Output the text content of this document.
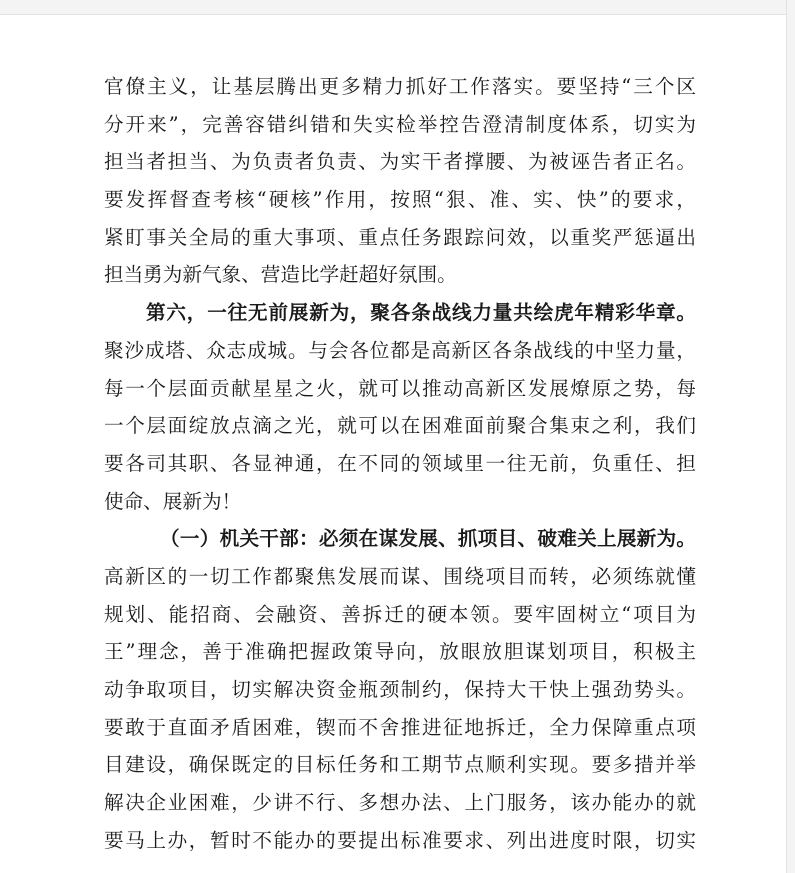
官僚主义，让基层腾出更多精力抓好工作落实。要坚持“三个区
分开来”，完善容错纠错和失实检举控告澄清制度体系，切实为
担当者担当、为负责者负责、为实干者撑腰、为被诬告者正名。
要发挥督查考核“硬核”作用，按照“狠、准、实、快”的要求，
紧盯事关全局的重大事项、重点任务跟踪问效，以重奖严惩逼出
担当勇为新气象、营造比学赶超好氛围。
第六，一往无前展新为，聚各条战线力量共绘虎年精彩华章。
聚沙成塔、众志成城。与会各位都是高新区各条战线的中坚力量，
每一个层面贡献星星之火，就可以推动高新区发展燎原之势，每
一个层面绽放点滴之光，就可以在困难面前聚合集束之利，我们
要各司其职、各显神通，在不同的领域里一往无前，负重任、担
使命、展新为！
（一）机关干部：必须在谋发展、抓项目、破难关上展新为。
高新区的一切工作都聚焦发展而谋、围绕项目而转，必须练就懂
规划、能招商、会融资、善拆迁的硬本领。要牢固树立“项目为
王”理念，善于准确把握政策导向，放眼放胆谋划项目，积极主
动争取项目，切实解决资金瓶颈制约，保持大干快上强劲势头。
要敢于直面矛盾困难，锲而不舍推进征地拆迁，全力保障重点项
目建设，确保既定的目标任务和工期节点顺利实现。要多措并举
解决企业困难，少讲不行、多想办法、上门服务，该办能办的就
要马上办，暂时不能办的要提出标准要求、列出进度时限，切实
